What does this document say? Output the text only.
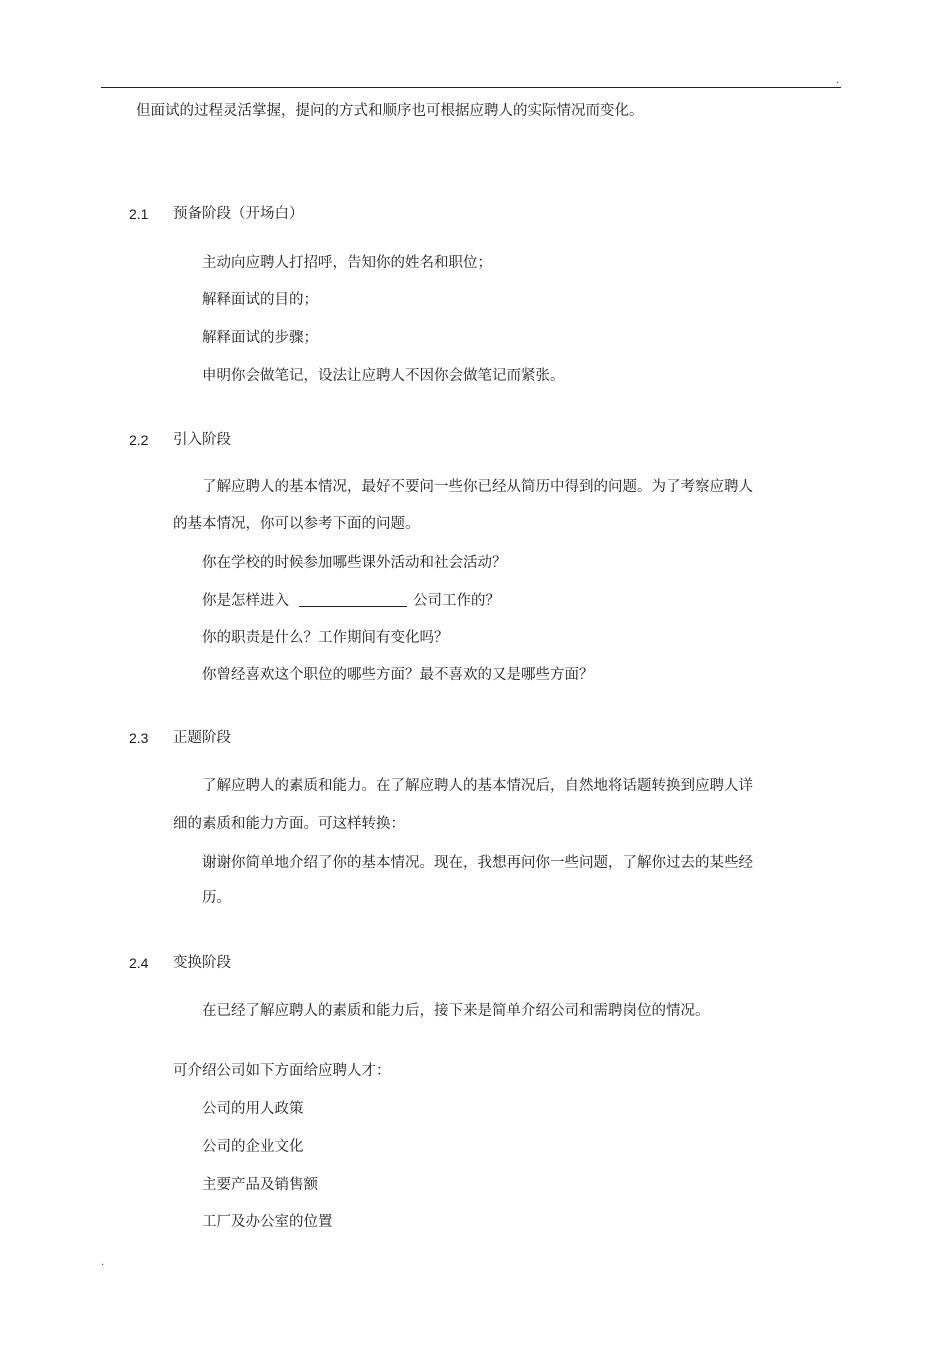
.
但面试的过程灵活掌握，提问的方式和顺序也可根据应聘人的实际情况而变化。
2.1 预备阶段（开场白）
主动向应聘人打招呼，告知你的姓名和职位；
解释面试的目的；
解释面试的步骤；
申明你会做笔记，设法让应聘人不因你会做笔记而紧张。
2.2 引入阶段
了解应聘人的基本情况，最好不要问一些你已经从简历中得到的问题。为了考察应聘人
的基本情况，你可以参考下面的问题。
你在学校的时候参加哪些课外活动和社会活动？
你是怎样进入	公司工作的？
你的职责是什么？工作期间有变化吗？
你曾经喜欢这个职位的哪些方面？最不喜欢的又是哪些方面？
2.3 正题阶段
了解应聘人的素质和能力。在了解应聘人的基本情况后，自然地将话题转换到应聘人详
细的素质和能力方面。可这样转换：
谢谢你简单地介绍了你的基本情况。现在，我想再问你一些问题，了解你过去的某些经
历。
2.4 变换阶段
在已经了解应聘人的素质和能力后，接下来是简单介绍公司和需聘岗位的情况。
可介绍公司如下方面给应聘人才：
公司的用人政策
公司的企业文化
主要产品及销售额
工厂及办公室的位置
.
